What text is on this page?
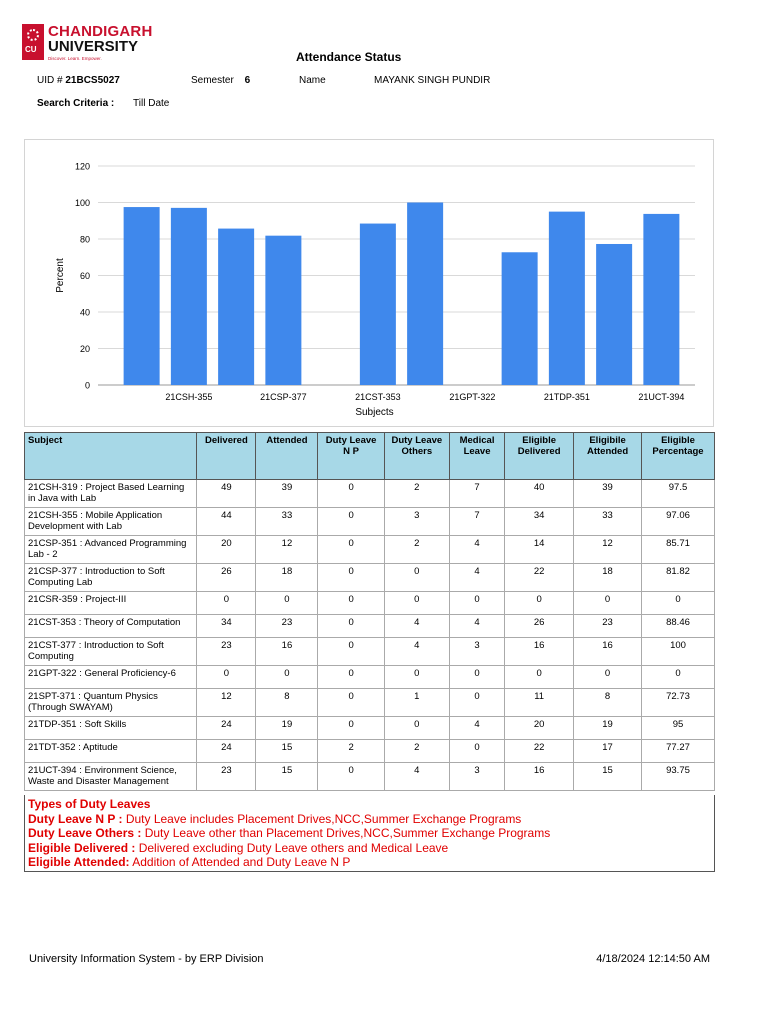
CU
CHANDIGARH
UNIVERSITY
Discover. Learn. Empower.	Attendance Status
UID # 21BCS5027	Semester 6	Name	MAYANK SINGH PUNDIR
Search Criteria : Till Date
0
20
40
60
80
100
120
21CSH-355	21CSP-377	21CST-353	21GPT-322	21TDP-351	21UCT-394
Subjects
Percent
Subject	Delivered	Attended	Duty Leave N P	Duty Leave Others	Medical Leave	Eligible Delivered	Eligibile Attended	Eligible Percentage
21CSH-319 : Project Based Learning in Java with Lab	49	39	0	2	7	40	39	97.5
21CSH-355 : Mobile Application Development with Lab	44	33	0	3	7	34	33	97.06
21CSP-351 : Advanced Programming Lab - 2	20	12	0	2	4	14	12	85.71
21CSP-377 : Introduction to Soft Computing Lab	26	18	0	0	4	22	18	81.82
21CSR-359 : Project-III	0	0	0	0	0	0	0	0
21CST-353 : Theory of Computation	34	23	0	4	4	26	23	88.46
21CST-377 : Introduction to Soft Computing	23	16	0	4	3	16	16	100
21GPT-322 : General Proficiency-6	0	0	0	0	0	0	0	0
21SPT-371 : Quantum Physics (Through SWAYAM)	12	8	0	1	0	11	8	72.73
21TDP-351 : Soft Skills	24	19	0	0	4	20	19	95
21TDT-352 : Aptitude	24	15	2	2	0	22	17	77.27
21UCT-394 : Environment Science, Waste and Disaster Management	23	15	0	4	3	16	15	93.75
Types of Duty Leaves
Duty Leave N P : Duty Leave includes Placement Drives,NCC,Summer Exchange Programs
Duty Leave Others : Duty Leave other than Placement Drives,NCC,Summer Exchange Programs
Eligible Delivered : Delivered excluding Duty Leave others and Medical Leave
Eligible Attended: Addition of Attended and Duty Leave N P
University Information System - by ERP Division	4/18/2024 12:14:50 AM
